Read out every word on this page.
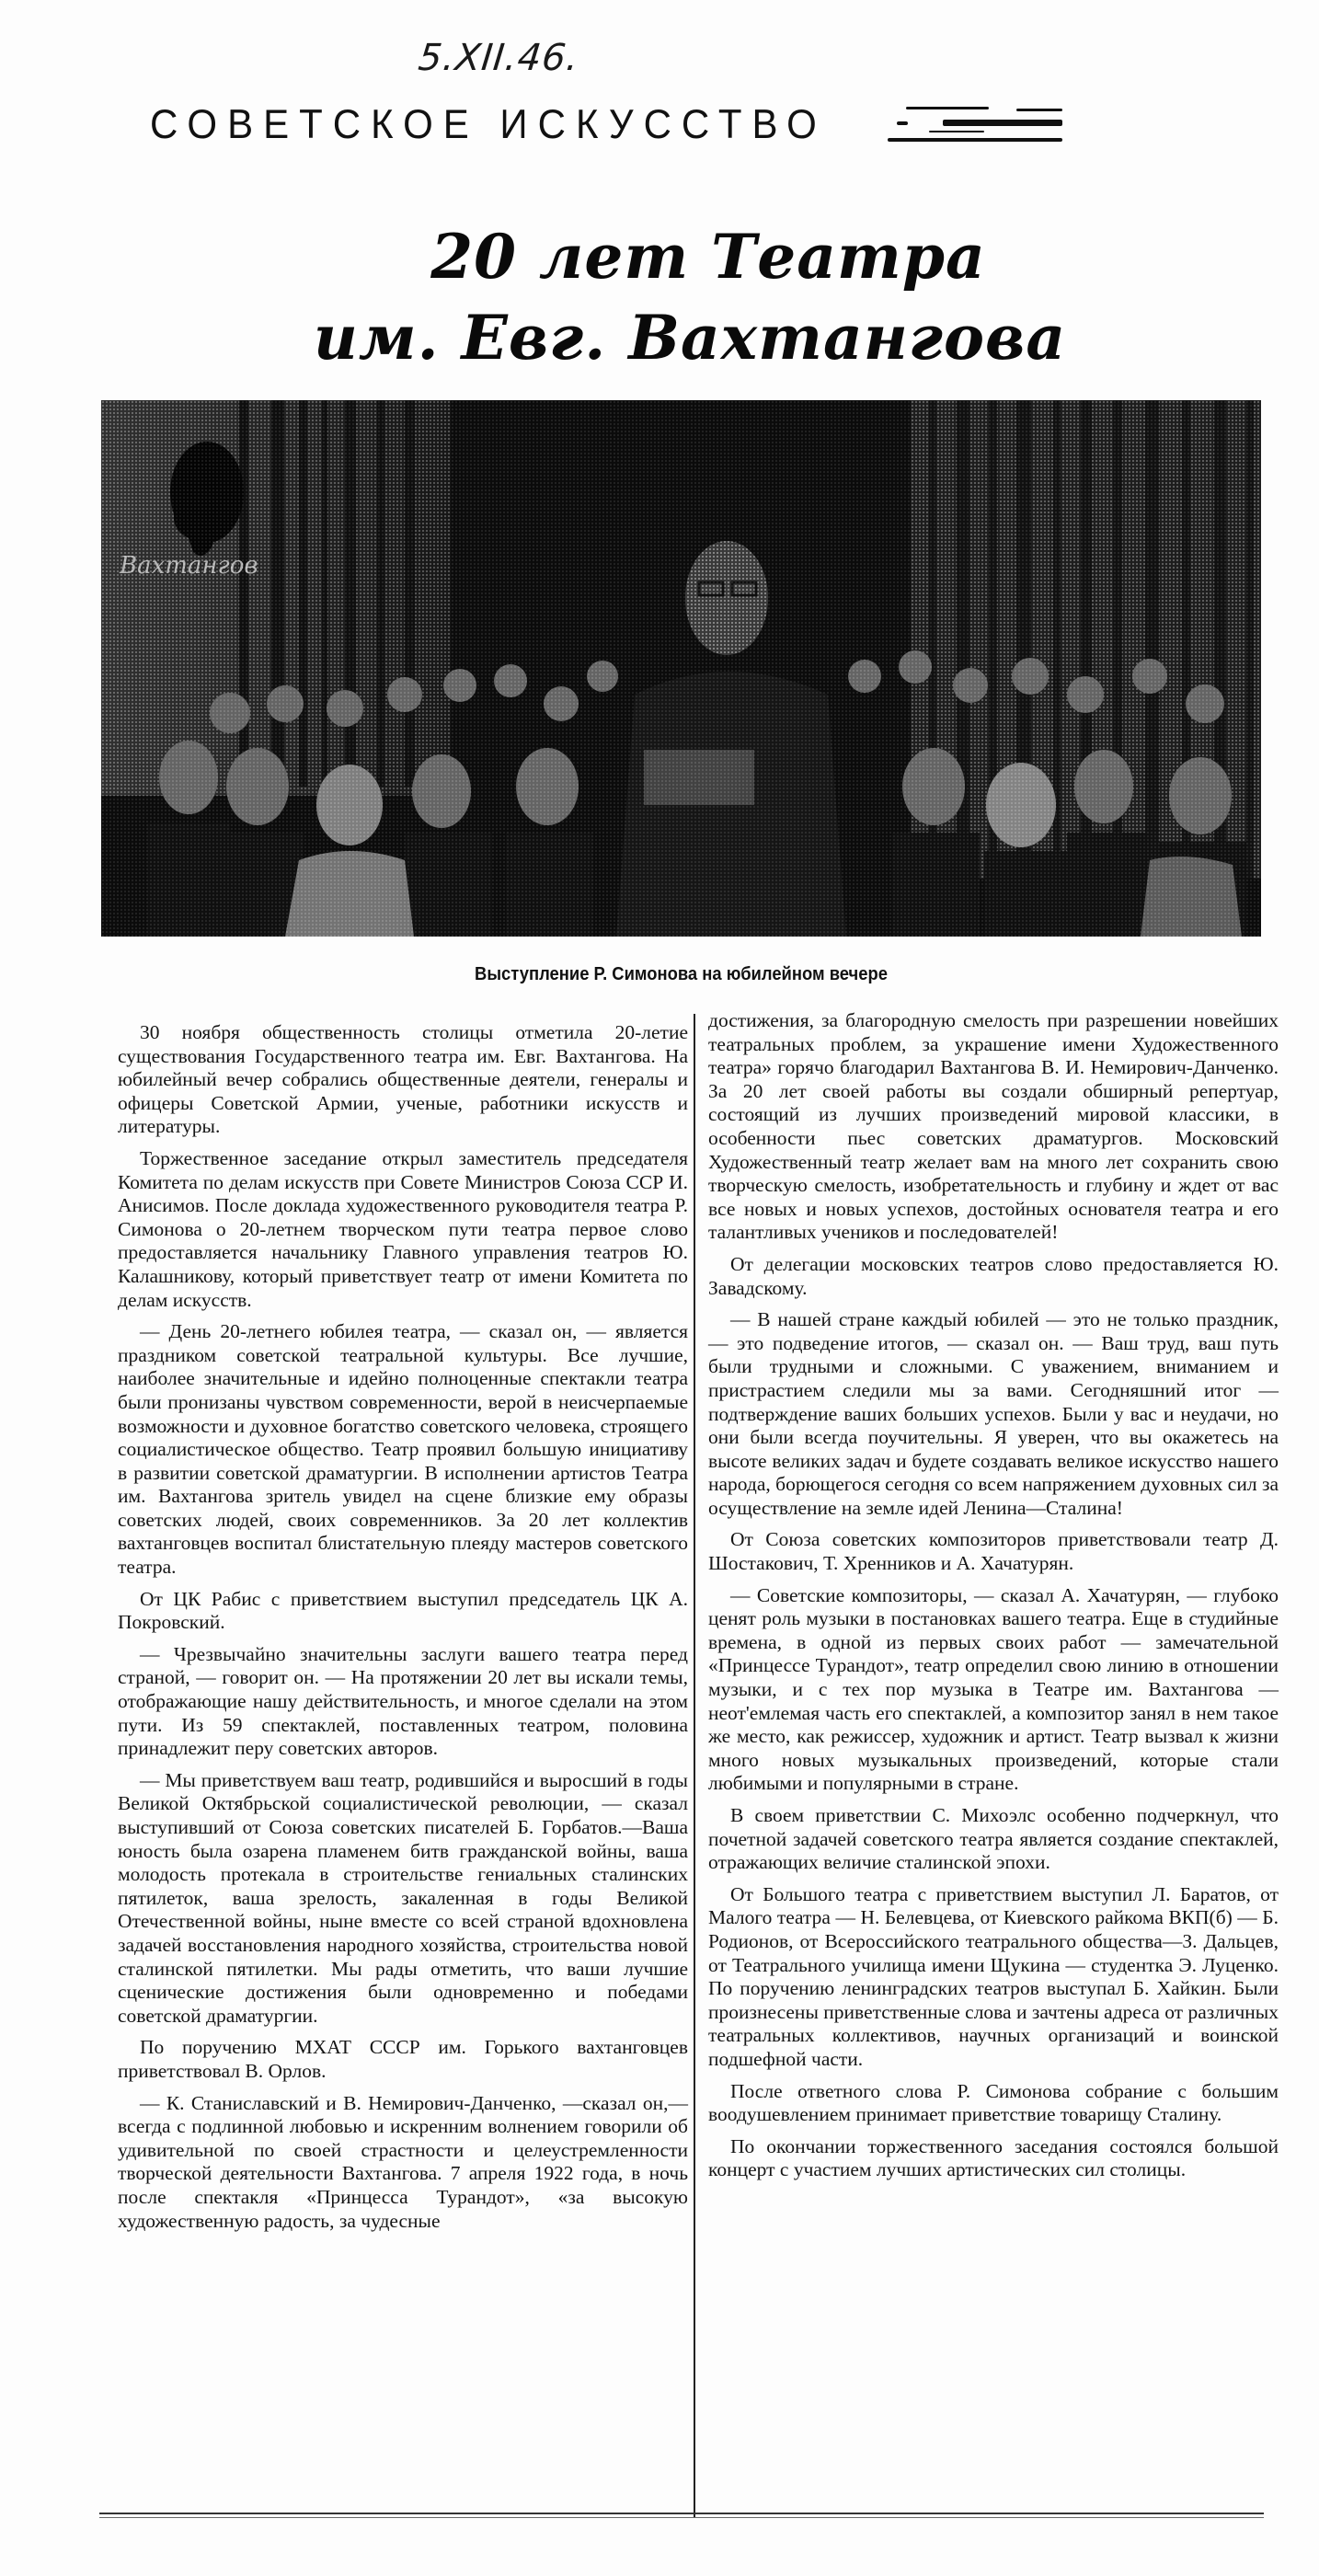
5.XII.46.
СОВЕТСКОЕ ИСКУССТВО
20 лет Театра
им. Евг. Вахтангова
Вахтангов
Выступление Р. Симонова на юбилейном вечере

30 ноября общественность столицы отметила 20-летие существования Государственного театра им. Евг. Вахтангова. На юбилейный вечер собрались общественные деятели, генералы и офицеры Советской Армии, ученые, работники искусств и литературы.

Торжественное заседание открыл заместитель председателя Комитета по делам искусств при Совете Министров Союза ССР И. Анисимов. После доклада художественного руководителя театра Р. Симонова о 20-летнем творческом пути театра первое слово предоставляется начальнику Главного управления театров Ю. Калашникову, который приветствует театр от имени Комитета по делам искусств.

— День 20-летнего юбилея театра, — сказал он, — является праздником советской театральной культуры. Все лучшие, наиболее значительные и идейно полноценные спектакли театра были пронизаны чувством современности, верой в неисчерпаемые возможности и духовное богатство советского человека, строящего социалистическое общество. Театр проявил большую инициативу в развитии советской драматургии. В исполнении артистов Театра им. Вахтангова зритель увидел на сцене близкие ему образы советских людей, своих современников. За 20 лет коллектив вахтанговцев воспитал блистательную плеяду мастеров советского театра.

От ЦК Рабис с приветствием выступил председатель ЦК А. Покровский.

— Чрезвычайно значительны заслуги вашего театра перед страной, — говорит он. — На протяжении 20 лет вы искали темы, отображающие нашу действительность, и многое сделали на этом пути. Из 59 спектаклей, поставленных театром, половина принадлежит перу советских авторов.

— Мы приветствуем ваш театр, родившийся и выросший в годы Великой Октябрьской социалистической революции, — сказал выступивший от Союза советских писателей Б. Горбатов.—Ваша юность была озарена пламенем битв гражданской войны, ваша молодость протекала в строительстве гениальных сталинских пятилеток, ваша зрелость, закаленная в годы Великой Отечественной войны, ныне вместе со всей страной вдохновлена задачей восстановления народного хозяйства, строительства новой сталинской пятилетки. Мы рады отметить, что ваши лучшие сценические достижения были одновременно и победами советской драматургии.

По поручению МХАТ СССР им. Горького вахтанговцев приветствовал В. Орлов.

— К. Станиславский и В. Немирович-Данченко, —сказал он,—всегда с подлинной любовью и искренним волнением говорили об удивительной по своей страстности и целеустремленности творческой деятельности Вахтангова. 7 апреля 1922 года, в ночь после спектакля «Принцесса Турандот», «за высокую художественную радость, за чудесные

достижения, за благородную смелость при разрешении новейших театральных проблем, за украшение имени Художественного театра» горячо благодарил Вахтангова В. И. Немирович-Данченко. За 20 лет своей работы вы создали обширный репертуар, состоящий из лучших произведений мировой классики, в особенности пьес советских драматургов. Московский Художественный театр желает вам на много лет сохранить свою творческую смелость, изобретательность и глубину и ждет от вас все новых и новых успехов, достойных основателя театра и его талантливых учеников и последователей!

От делегации московских театров слово предоставляется Ю. Завадскому.

— В нашей стране каждый юбилей — это не только праздник, — это подведение итогов, — сказал он. — Ваш труд, ваш путь были трудными и сложными. С уважением, вниманием и пристрастием следили мы за вами. Сегодняшний итог — подтверждение ваших больших успехов. Были у вас и неудачи, но они были всегда поучительны. Я уверен, что вы окажетесь на высоте великих задач и будете создавать великое искусство нашего народа, борющегося сегодня со всем напряжением духовных сил за осуществление на земле идей Ленина—Сталина!

От Союза советских композиторов приветствовали театр Д. Шостакович, Т. Хренников и А. Хачатурян.

— Советские композиторы, — сказал А. Хачатурян, — глубоко ценят роль музыки в постановках вашего театра. Еще в студийные времена, в одной из первых своих работ — замечательной «Принцессе Турандот», театр определил свою линию в отношении музыки, и с тех пор музыка в Театре им. Вахтангова — неот'емлемая часть его спектаклей, а композитор занял в нем такое же место, как режиссер, художник и артист. Театр вызвал к жизни много новых музыкальных произведений, которые стали любимыми и популярными в стране.

В своем приветствии С. Михоэлс особенно подчеркнул, что почетной задачей советского театра является создание спектаклей, отражающих величие сталинской эпохи.

От Большого театра с приветствием выступил Л. Баратов, от Малого театра — Н. Белевцева, от Киевского райкома ВКП(б) — Б. Родионов, от Всероссийского театрального общества—З. Дальцев, от Театрального училища имени Щукина — студентка Э. Луценко. По поручению ленинградских театров выступал Б. Хайкин. Были произнесены приветственные слова и зачтены адреса от различных театральных коллективов, научных организаций и воинской подшефной части.

После ответного слова Р. Симонова собрание с большим воодушевлением принимает приветствие товарищу Сталину.

По окончании торжественного заседания состоялся большой концерт с участием лучших артистических сил столицы.
